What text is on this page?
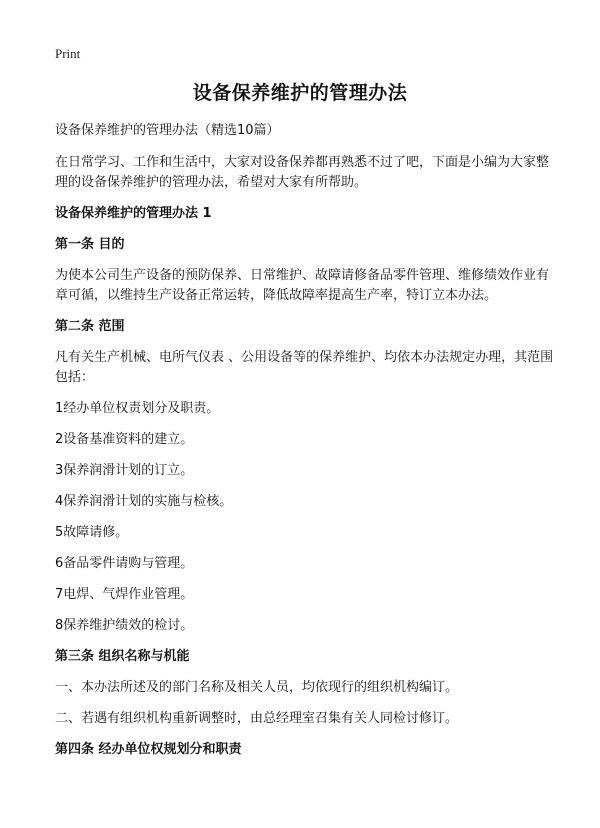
Print
设备保养维护的管理办法

设备保养维护的管理办法（精选10篇）

在日常学习、工作和生活中，大家对设备保养都再熟悉不过了吧，下面是小编为大家整理的设备保养维护的管理办法，希望对大家有所帮助。

设备保养维护的管理办法 1

第一条 目的

为使本公司生产设备的预防保养、日常维护、故障请修备品零件管理、维修绩效作业有章可循，以维持生产设备正常运转，降低故障率提高生产率，特订立本办法。

第二条 范围

凡有关生产机械、电所气仪表 、公用设备等的保养维护、均依本办法规定办理，其范围包括：

1经办单位权责划分及职责。

2设备基准资料的建立。

3保养润滑计划的订立。

4保养润滑计划的实施与检核。

5故障请修。

6备品零件请购与管理。

7电焊、气焊作业管理。

8保养维护绩效的检讨。

第三条 组织名称与机能

一、本办法所述及的部门名称及相关人员，均依现行的组织机构编订。

二、若遇有组织机构重新调整时，由总经理室召集有关人同检讨修订。

第四条 经办单位权规划分和职责
